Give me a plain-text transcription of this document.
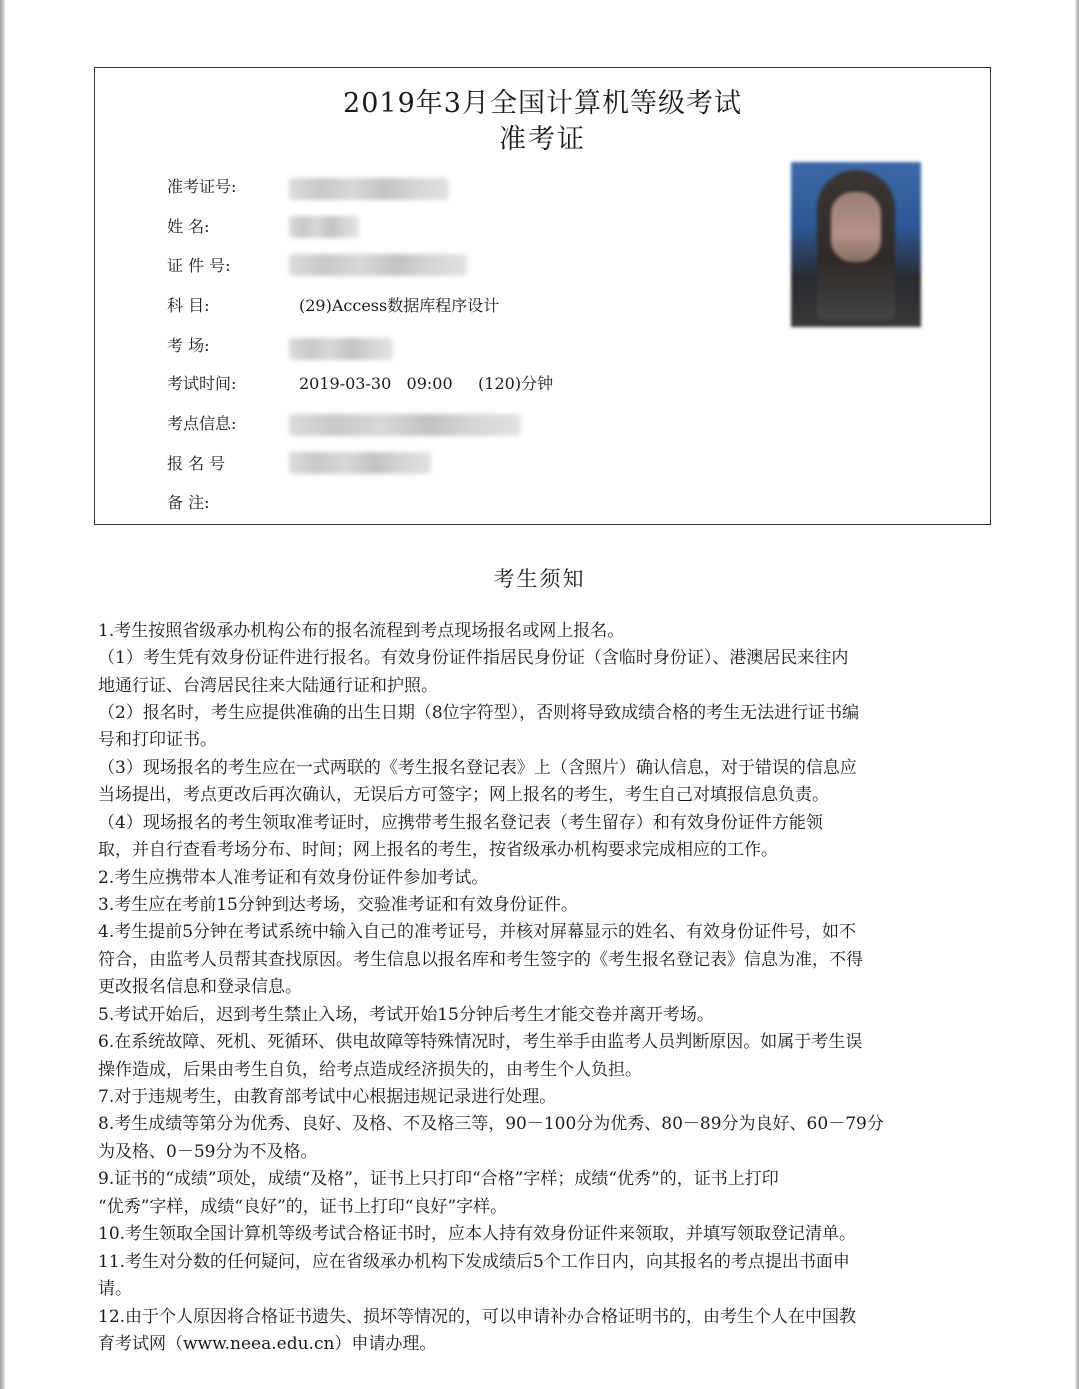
2019年3月全国计算机等级考试
准考证
准考证号:
姓 名:
证 件 号:
科 目:	(29)Access数据库程序设计
考 场:
考试时间:	2019-03-30   09:00     (120)分钟
考点信息:
报 名 号
备 注:
考生须知
1.考生按照省级承办机构公布的报名流程到考点现场报名或网上报名。
（1）考生凭有效身份证件进行报名。有效身份证件指居民身份证（含临时身份证）、港澳居民来往内
地通行证、台湾居民往来大陆通行证和护照。
（2）报名时，考生应提供准确的出生日期（8位字符型），否则将导致成绩合格的考生无法进行证书编
号和打印证书。
（3）现场报名的考生应在一式两联的《考生报名登记表》上（含照片）确认信息，对于错误的信息应
当场提出，考点更改后再次确认，无误后方可签字；网上报名的考生，考生自己对填报信息负责。
（4）现场报名的考生领取准考证时，应携带考生报名登记表（考生留存）和有效身份证件方能领
取，并自行查看考场分布、时间；网上报名的考生，按省级承办机构要求完成相应的工作。
2.考生应携带本人准考证和有效身份证件参加考试。
3.考生应在考前15分钟到达考场，交验准考证和有效身份证件。
4.考生提前5分钟在考试系统中输入自己的准考证号，并核对屏幕显示的姓名、有效身份证件号，如不
符合，由监考人员帮其查找原因。考生信息以报名库和考生签字的《考生报名登记表》信息为准，不得
更改报名信息和登录信息。
5.考试开始后，迟到考生禁止入场，考试开始15分钟后考生才能交卷并离开考场。
6.在系统故障、死机、死循环、供电故障等特殊情况时，考生举手由监考人员判断原因。如属于考生误
操作造成，后果由考生自负，给考点造成经济损失的，由考生个人负担。
7.对于违规考生，由教育部考试中心根据违规记录进行处理。
8.考生成绩等第分为优秀、良好、及格、不及格三等，90－100分为优秀、80－89分为良好、60－79分
为及格、0－59分为不及格。
9.证书的“成绩”项处，成绩“及格”，证书上只打印“合格”字样；成绩“优秀”的，证书上打印
“优秀”字样，成绩“良好”的，证书上打印“良好”字样。
10.考生领取全国计算机等级考试合格证书时，应本人持有效身份证件来领取，并填写领取登记清单。
11.考生对分数的任何疑问，应在省级承办机构下发成绩后5个工作日内，向其报名的考点提出书面申
请。
12.由于个人原因将合格证书遗失、损坏等情况的，可以申请补办合格证明书的，由考生个人在中国教
育考试网（www.neea.edu.cn）申请办理。
